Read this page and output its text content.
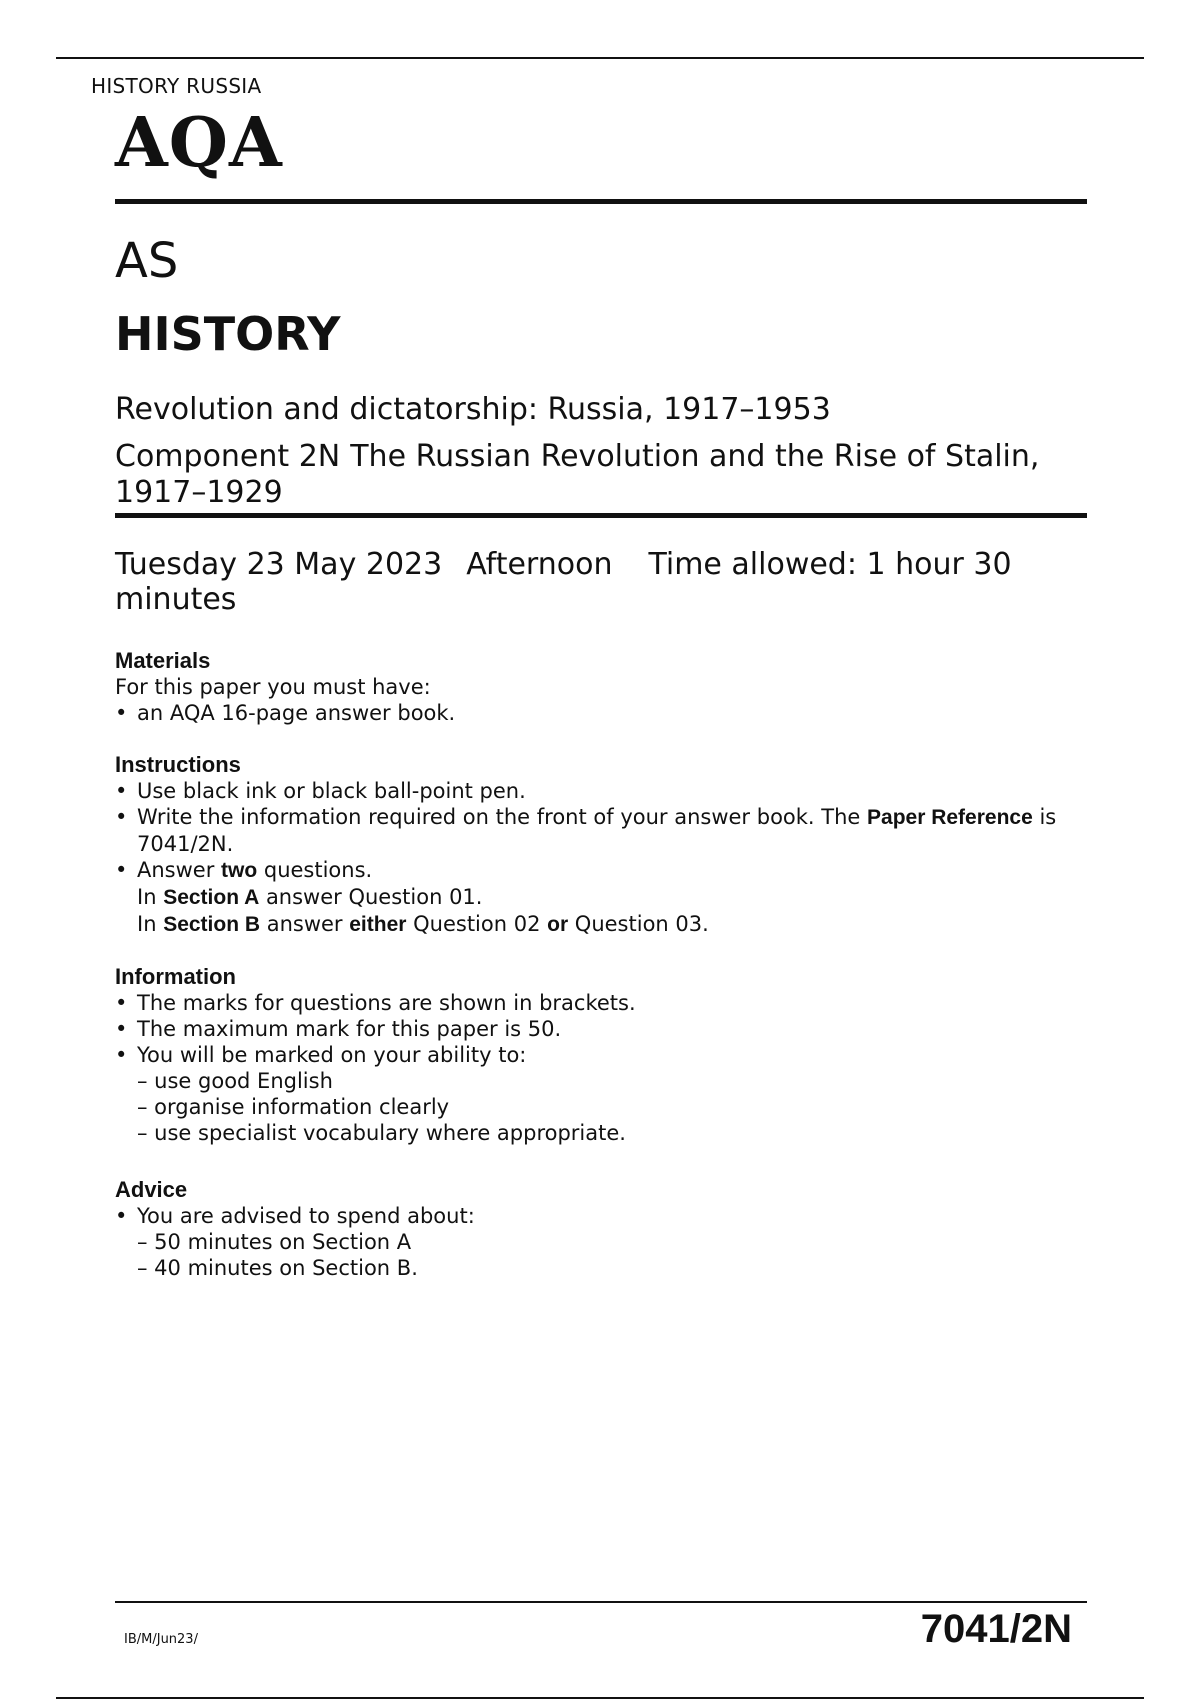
HISTORY RUSSIA
AQA
AS
HISTORY
Revolution and dictatorship: Russia, 1917–1953
Component 2N The Russian Revolution and the Rise of Stalin, 1917–1929
Tuesday 23 May 2023 Afternoon Time allowed: 1 hour 30 minutes
Materials

For this paper you must have:

• an AQA 16-page answer book.
Instructions
• Use black ink or black ball-point pen.
• Write the information required on the front of your answer book. The Paper Reference is 7041/2N.
• Answer two questions.
In Section A answer Question 01.
In Section B answer either Question 02 or Question 03.
Information
• The marks for questions are shown in brackets.
• The maximum mark for this paper is 50.
• You will be marked on your ability to:
– use good English
– organise information clearly
– use specialist vocabulary where appropriate.
Advice
• You are advised to spend about:
– 50 minutes on Section A
– 40 minutes on Section B.
IB/M/Jun23/	7041/2N
